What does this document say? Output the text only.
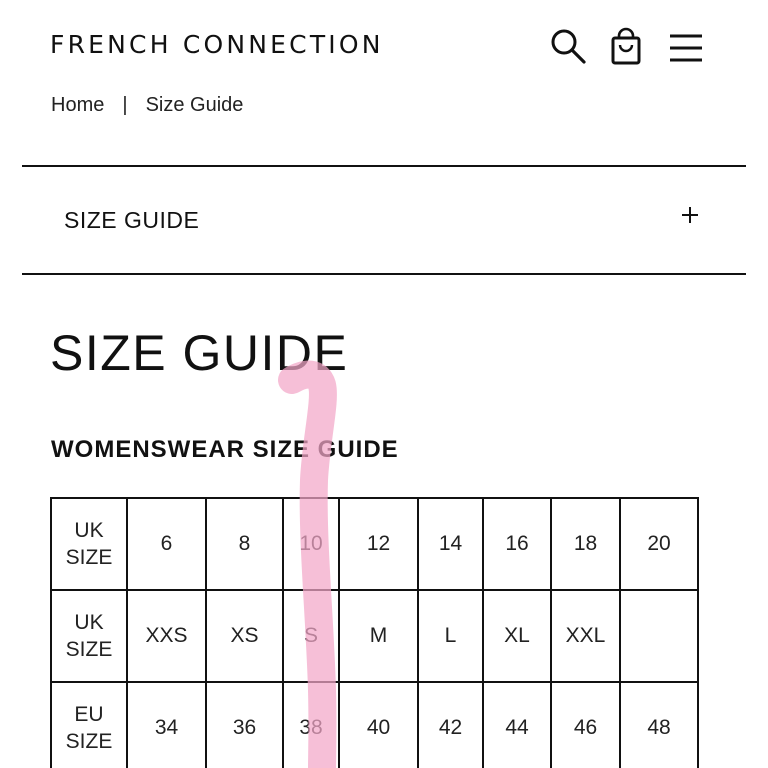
FRENCH CONNECTION
Home | Size Guide
SIZE GUIDE
SIZE GUIDE
WOMENSWEAR SIZE GUIDE
UK
SIZE	6	8	10	12	14	16	18	20
UK
SIZE	XXS	XS	S	M	L	XL	XXL	
EU
SIZE	34	36	38	40	42	44	46	48
